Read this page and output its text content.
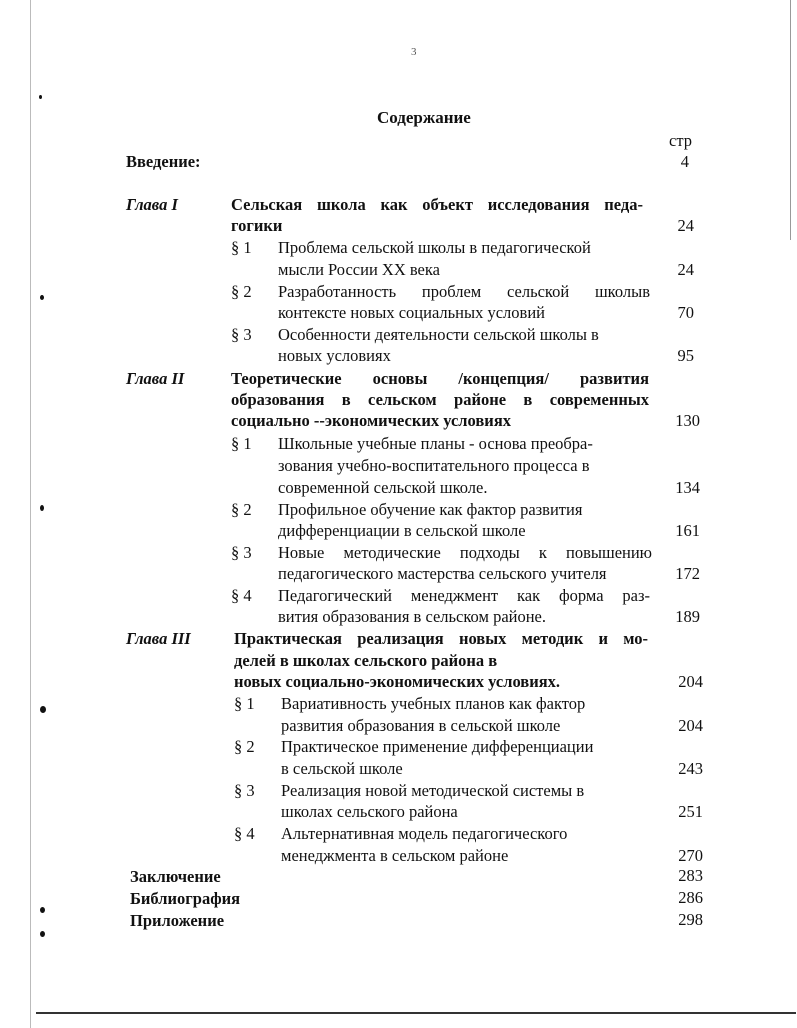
3
Содержание
стр
Введение:	4
Глава I	Сельская школа как объект исследования педа-
гогики	24
§ 1 Проблема сельской школы в педагогической
мысли России XX века	24
§ 2 Разработанность проблем сельской школыв
контексте новых социальных условий	70
§ 3 Особенности деятельности сельской школы в
новых условиях	95
Глава II	Теоретические основы /концепция/ развития
образования в сельском районе в современных
социально --экономических условиях	130
§ 1 Школьные учебные планы - основа преобра-
зования учебно-воспитательного процесса в
современной сельской школе.	134
§ 2 Профильное обучение как фактор развития
дифференциации в сельской школе	161
§ 3 Новые методические подходы к повышению
педагогического мастерства сельского учителя	172
§ 4 Педагогический менеджмент как форма раз-
вития образования в сельском районе.	189
Глава III	Практическая реализация новых методик и мо-
делей в школах сельского района в
новых социально-экономических условиях.	204
§ 1 Вариативность учебных планов как фактор
развития образования в сельской школе	204
§ 2 Практическое применение дифференциации
в сельской школе	243
§ 3 Реализация новой методической системы в
школах сельского района	251
§ 4 Альтернативная модель педагогического
менеджмента в сельском районе	270
Заключение	283
Библиография	286
Приложение	298
